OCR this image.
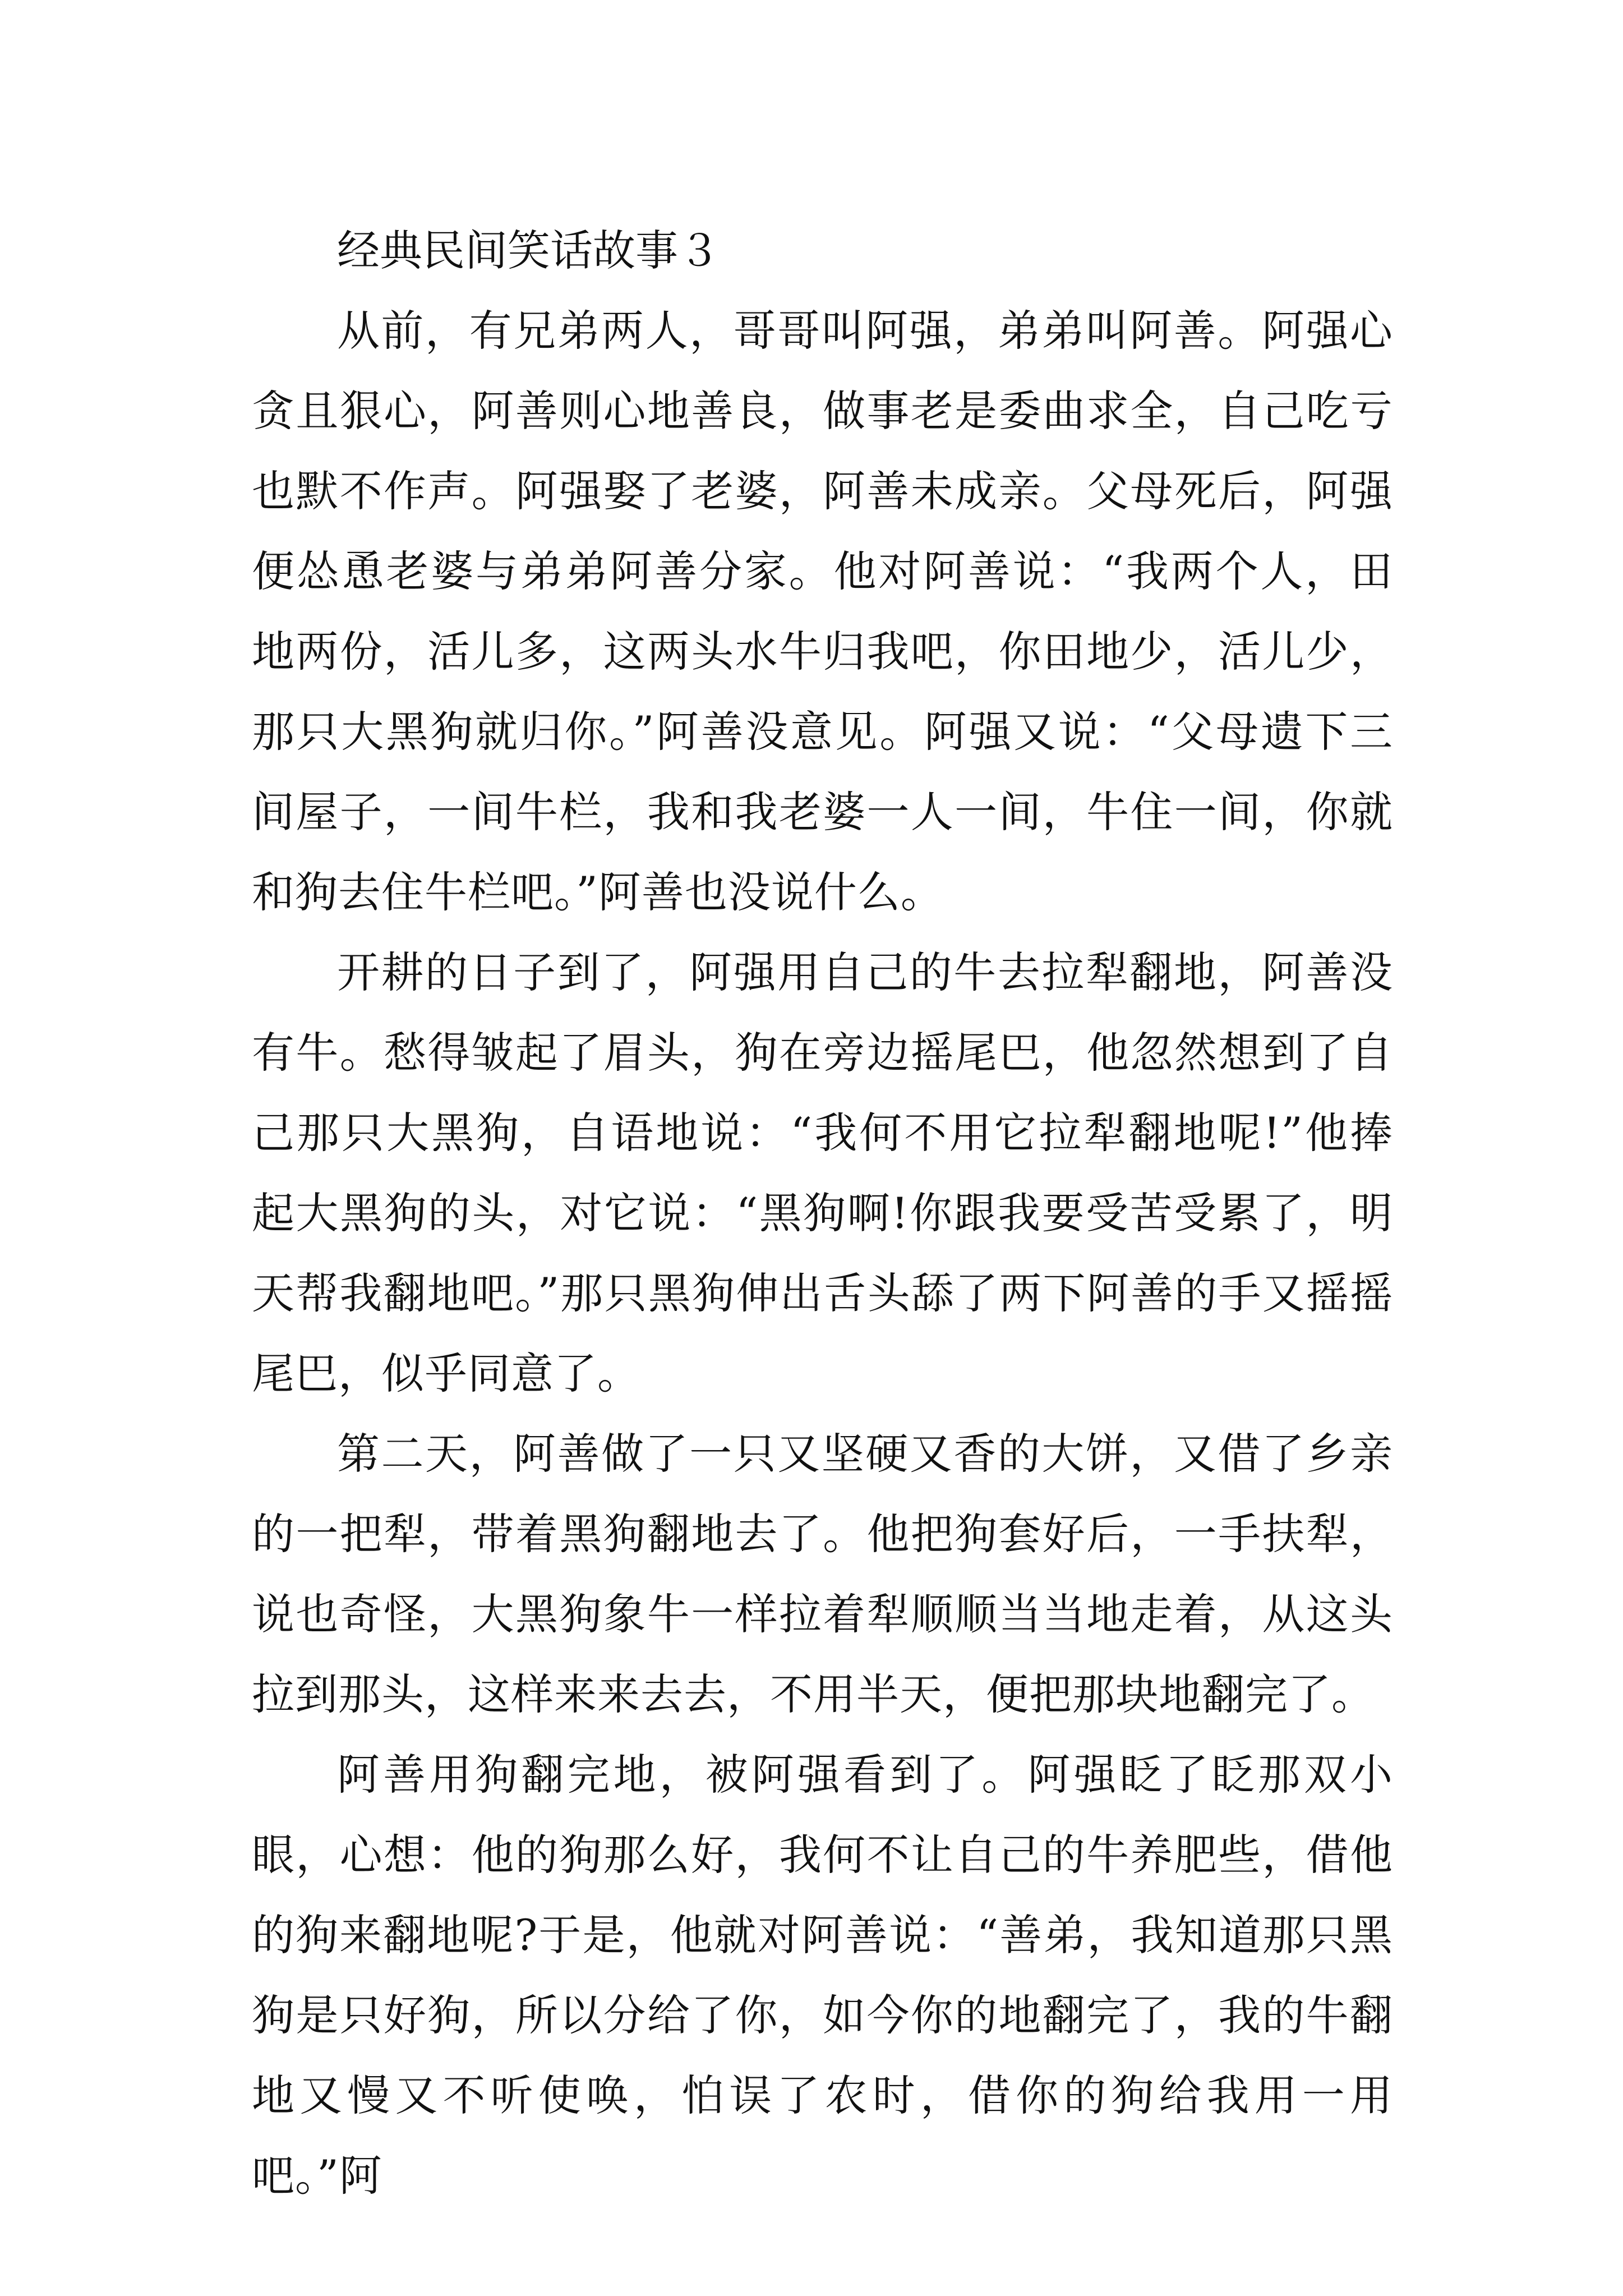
经典民间笑话故事３

从前，有兄弟两人，哥哥叫阿强，弟弟叫阿善。阿强心贪且狠心，阿善则心地善良，做事老是委曲求全，自己吃亏也默不作声。阿强娶了老婆，阿善未成亲。父母死后，阿强便怂恿老婆与弟弟阿善分家。他对阿善说：“我两个人，田地两份，活儿多，这两头水牛归我吧，你田地少，活儿少，那只大黑狗就归你。”阿善没意见。阿强又说：“父母遗下三间屋子，一间牛栏，我和我老婆一人一间，牛住一间，你就和狗去住牛栏吧。”阿善也没说什么。

开耕的日子到了，阿强用自己的牛去拉犁翻地，阿善没有牛。愁得皱起了眉头，狗在旁边摇尾巴，他忽然想到了自己那只大黑狗，自语地说：“我何不用它拉犁翻地呢!”他捧起大黑狗的头，对它说：“黑狗啊!你跟我要受苦受累了，明天帮我翻地吧。”那只黑狗伸出舌头舔了两下阿善的手又摇摇尾巴，似乎同意了。

第二天，阿善做了一只又坚硬又香的大饼，又借了乡亲的一把犁，带着黑狗翻地去了。他把狗套好后，一手扶犁，说也奇怪，大黑狗象牛一样拉着犁顺顺当当地走着，从这头拉到那头，这样来来去去，不用半天，便把那块地翻完了。

阿善用狗翻完地，被阿强看到了。阿强眨了眨那双小眼，心想：他的狗那么好，我何不让自己的牛养肥些，借他的狗来翻地呢?于是，他就对阿善说：“善弟，我知道那只黑狗是只好狗，所以分给了你，如今你的地翻完了，我的牛翻地又慢又不听使唤，怕误了农时，借你的狗给我用一用吧。”阿
